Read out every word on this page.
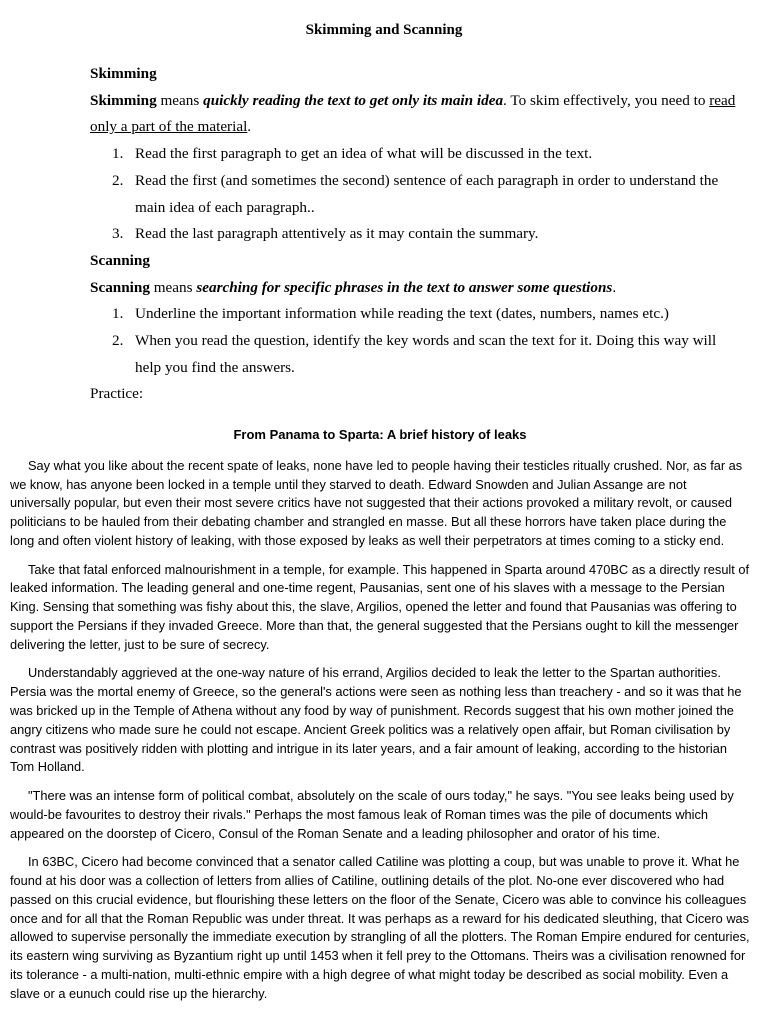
Skimming and Scanning

Skimming

Skimming means quickly reading the text to get only its main idea. To skim effectively, you need to read only a part of the material.

1. Read the first paragraph to get an idea of what will be discussed in the text.
2. Read the first (and sometimes the second) sentence of each paragraph in order to understand the main idea of each paragraph..
3. Read the last paragraph attentively as it may contain the summary.

Scanning

Scanning means searching for specific phrases in the text to answer some questions.

1. Underline the important information while reading the text (dates, numbers, names etc.)
2. When you read the question, identify the key words and scan the text for it. Doing this way will help you find the answers.

Practice:

From Panama to Sparta: A brief history of leaks

Say what you like about the recent spate of leaks, none have led to people having their testicles ritually crushed. Nor, as far as we know, has anyone been locked in a temple until they starved to death. Edward Snowden and Julian Assange are not universally popular, but even their most severe critics have not suggested that their actions provoked a military revolt, or caused politicians to be hauled from their debating chamber and strangled en masse. But all these horrors have taken place during the long and often violent history of leaking, with those exposed by leaks as well their perpetrators at times coming to a sticky end.

Take that fatal enforced malnourishment in a temple, for example. This happened in Sparta around 470BC as a directly result of leaked information. The leading general and one-time regent, Pausanias, sent one of his slaves with a message to the Persian King. Sensing that something was fishy about this, the slave, Argilios, opened the letter and found that Pausanias was offering to support the Persians if they invaded Greece. More than that, the general suggested that the Persians ought to kill the messenger delivering the letter, just to be sure of secrecy.

Understandably aggrieved at the one-way nature of his errand, Argilios decided to leak the letter to the Spartan authorities. Persia was the mortal enemy of Greece, so the general's actions were seen as nothing less than treachery - and so it was that he was bricked up in the Temple of Athena without any food by way of punishment. Records suggest that his own mother joined the angry citizens who made sure he could not escape. Ancient Greek politics was a relatively open affair, but Roman civilisation by contrast was positively ridden with plotting and intrigue in its later years, and a fair amount of leaking, according to the historian Tom Holland.

"There was an intense form of political combat, absolutely on the scale of ours today," he says. "You see leaks being used by would-be favourites to destroy their rivals." Perhaps the most famous leak of Roman times was the pile of documents which appeared on the doorstep of Cicero, Consul of the Roman Senate and a leading philosopher and orator of his time.

In 63BC, Cicero had become convinced that a senator called Catiline was plotting a coup, but was unable to prove it. What he found at his door was a collection of letters from allies of Catiline, outlining details of the plot. No-one ever discovered who had passed on this crucial evidence, but flourishing these letters on the floor of the Senate, Cicero was able to convince his colleagues once and for all that the Roman Republic was under threat. It was perhaps as a reward for his dedicated sleuthing, that Cicero was allowed to supervise personally the immediate execution by strangling of all the plotters. The Roman Empire endured for centuries, its eastern wing surviving as Byzantium right up until 1453 when it fell prey to the Ottomans. Theirs was a civilisation renowned for its tolerance - a multi-nation, multi-ethnic empire with a high degree of what might today be described as social mobility. Even a slave or a eunuch could rise up the hierarchy.
